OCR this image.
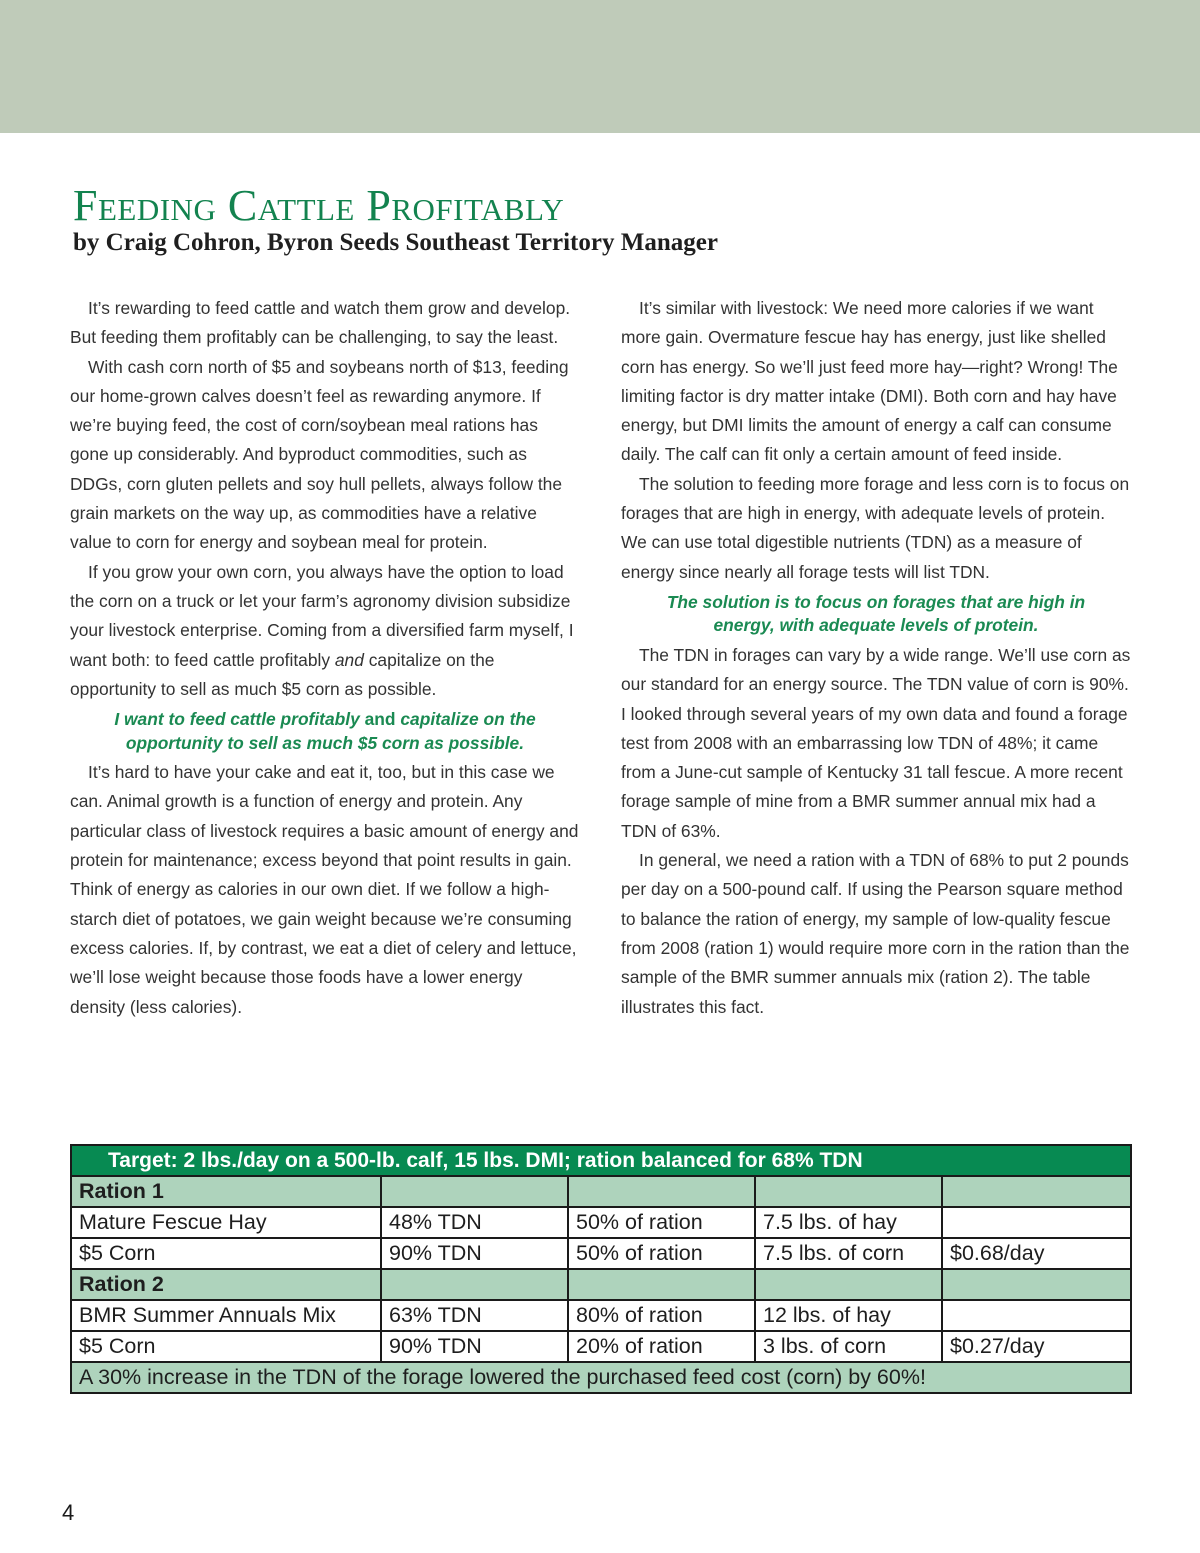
Feeding Cattle Profitably
by Craig Cohron, Byron Seeds Southeast Territory Manager

It’s rewarding to feed cattle and watch them grow and develop. But feeding them profitably can be challenging, to say the least.

With cash corn north of $5 and soybeans north of $13, feeding our home-grown calves doesn’t feel as rewarding anymore. If we’re buying feed, the cost of corn/soybean meal rations has gone up considerably. And byproduct commodities, such as DDGs, corn gluten pellets and soy hull pellets, always follow the grain markets on the way up, as commodities have a relative value to corn for energy and soybean meal for protein.

If you grow your own corn, you always have the option to load the corn on a truck or let your farm’s agronomy division subsidize your livestock enterprise. Coming from a diversified farm myself, I want both: to feed cattle profitably and capitalize on the opportunity to sell as much $5 corn as possible.

I want to feed cattle profitably and capitalize on the opportunity to sell as much $5 corn as possible.

It’s hard to have your cake and eat it, too, but in this case we can. Animal growth is a function of energy and protein. Any particular class of livestock requires a basic amount of energy and protein for maintenance; excess beyond that point results in gain. Think of energy as calories in our own diet. If we follow a high-starch diet of potatoes, we gain weight because we’re consuming excess calories. If, by contrast, we eat a diet of celery and lettuce, we’ll lose weight because those foods have a lower energy density (less calories).

It’s similar with livestock: We need more calories if we want more gain. Overmature fescue hay has energy, just like shelled corn has energy. So we’ll just feed more hay—right? Wrong! The limiting factor is dry matter intake (DMI). Both corn and hay have energy, but DMI limits the amount of energy a calf can consume daily. The calf can fit only a certain amount of feed inside.

The solution to feeding more forage and less corn is to focus on forages that are high in energy, with adequate levels of protein. We can use total digestible nutrients (TDN) as a measure of energy since nearly all forage tests will list TDN.

The solution is to focus on forages that are high in energy, with adequate levels of protein.

The TDN in forages can vary by a wide range. We’ll use corn as our standard for an energy source. The TDN value of corn is 90%. I looked through several years of my own data and found a forage test from 2008 with an embarrassing low TDN of 48%; it came from a June-cut sample of Kentucky 31 tall fescue. A more recent forage sample of mine from a BMR summer annual mix had a TDN of 63%.

In general, we need a ration with a TDN of 68% to put 2 pounds per day on a 500-pound calf. If using the Pearson square method to balance the ration of energy, my sample of low-quality fescue from 2008 (ration 1) would require more corn in the ration than the sample of the BMR summer annuals mix (ration 2). The table illustrates this fact.

Target: 2 lbs./day on a 500-lb. calf, 15 lbs. DMI; ration balanced for 68% TDN				
Ration 1				
Mature Fescue Hay	48% TDN	50% of ration	7.5 lbs. of hay	
$5 Corn	90% TDN	50% of ration	7.5 lbs. of corn	$0.68/day
Ration 2				
BMR Summer Annuals Mix	63% TDN	80% of ration	12 lbs. of hay	
$5 Corn	90% TDN	20% of ration	3 lbs. of corn	$0.27/day
A 30% increase in the TDN of the forage lowered the purchased feed cost (corn) by 60%!				
4
